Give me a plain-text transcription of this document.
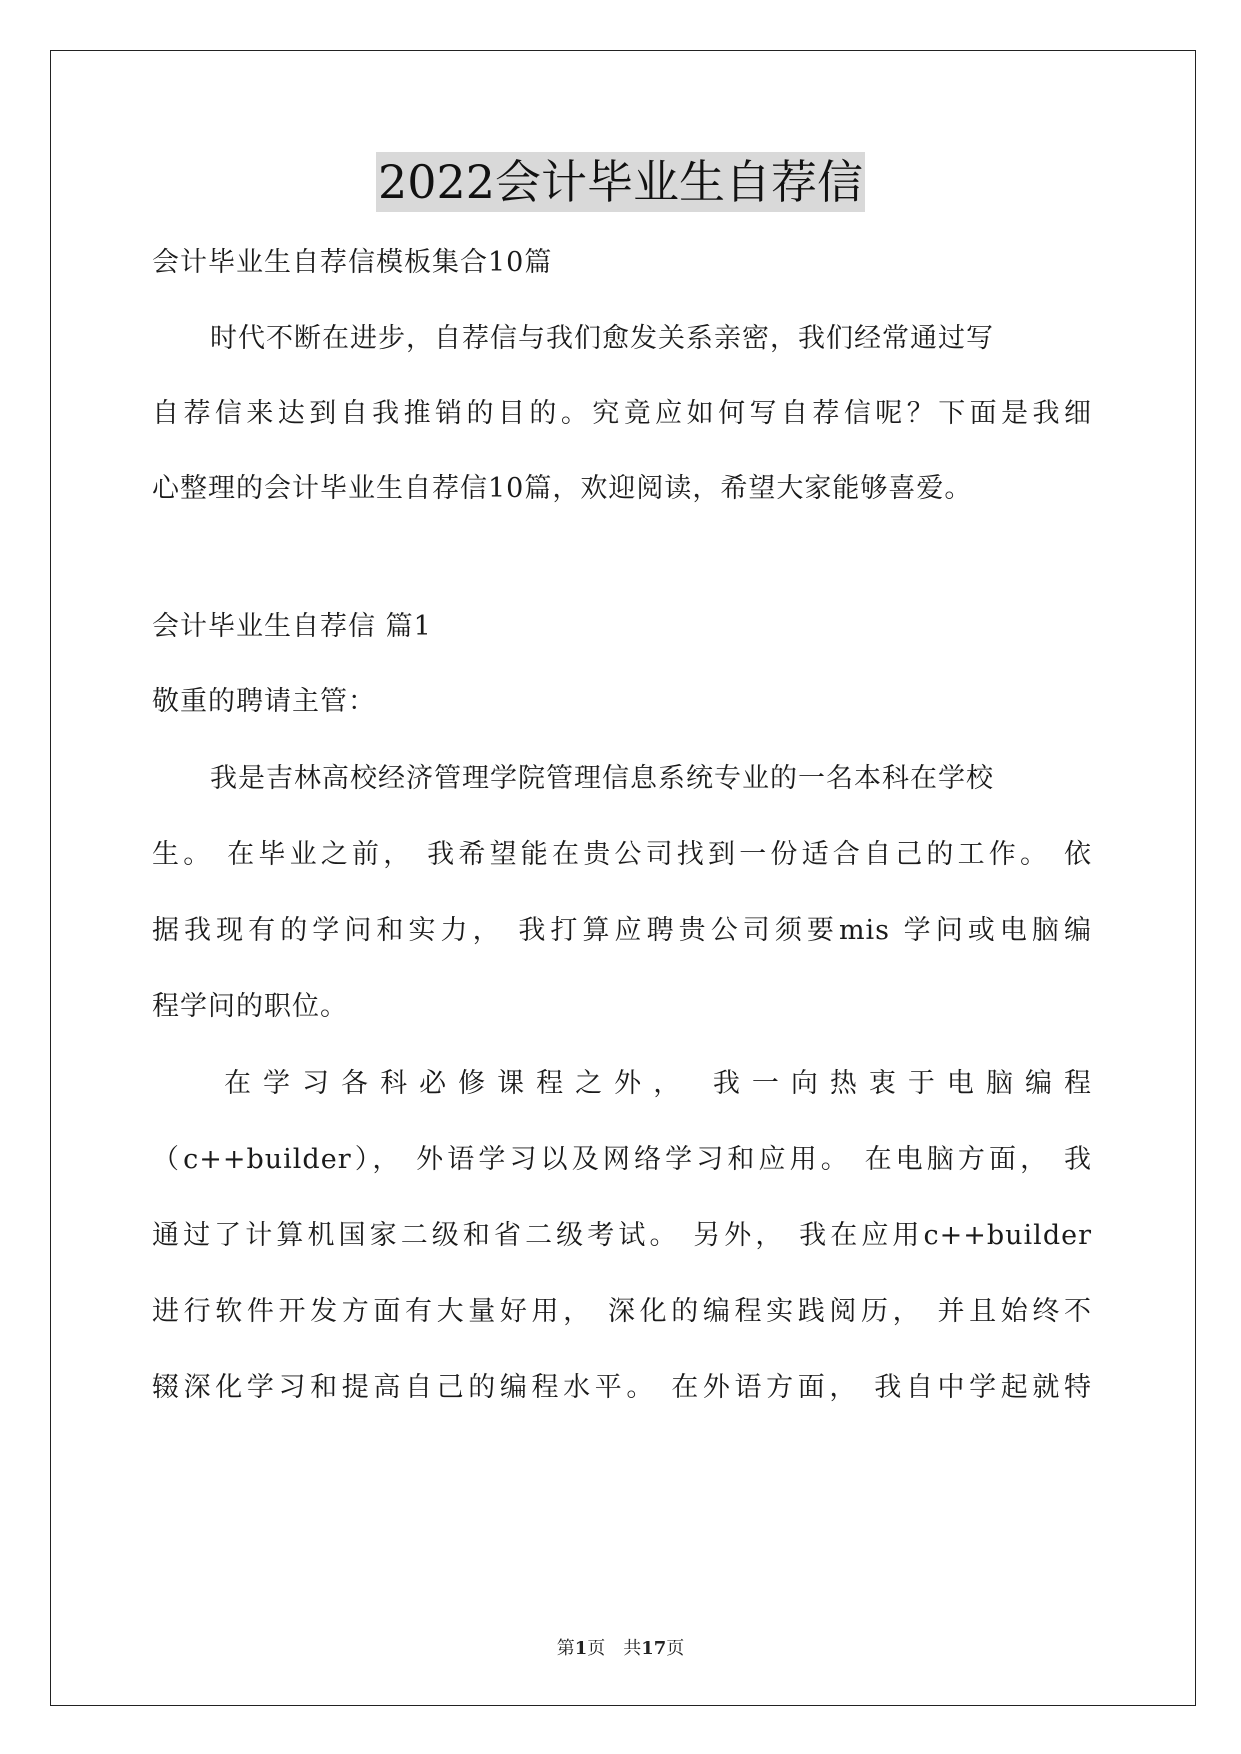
2022会计毕业生自荐信
会计毕业生自荐信模板集合10篇
时代不断在进步，自荐信与我们愈发关系亲密，我们经常通过写
自荐信来达到自我推销的目的。究竟应如何写自荐信呢？下面是我细
心整理的会计毕业生自荐信10篇，欢迎阅读，希望大家能够喜爱。
会计毕业生自荐信 篇1
敬重的聘请主管：
我是吉林高校经济管理学院管理信息系统专业的一名本科在学校
生。 在毕业之前， 我希望能在贵公司找到一份适合自己的工作。 依
据我现有的学问和实力， 我打算应聘贵公司须要mis 学问或电脑编
程学问的职位。
在学习各科必修课程之外， 我一向热衷于电脑编程
（c++builder）， 外语学习以及网络学习和应用。 在电脑方面， 我
通过了计算机国家二级和省二级考试。 另外， 我在应用c++builder
进行软件开发方面有大量好用， 深化的编程实践阅历， 并且始终不
辍深化学习和提高自己的编程水平。 在外语方面， 我自中学起就特
第1页　共17页
